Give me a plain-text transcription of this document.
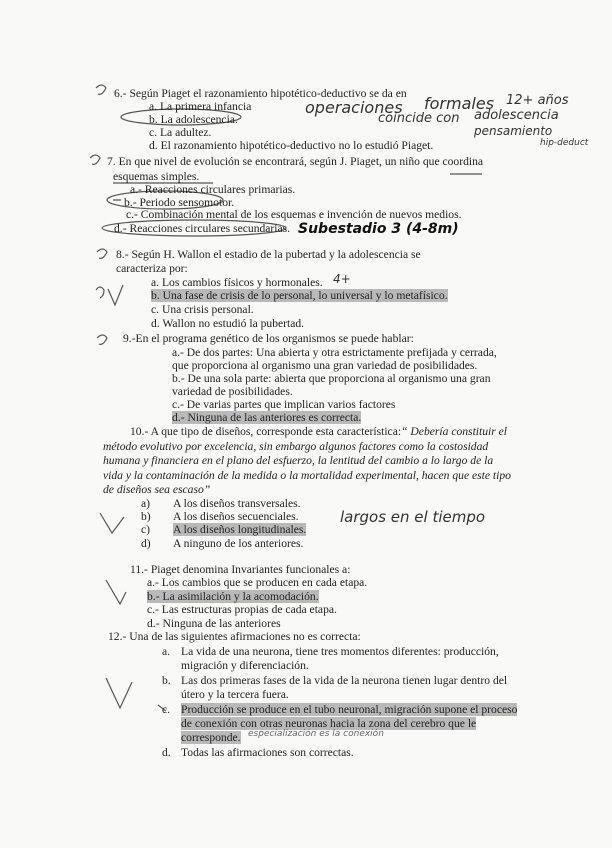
6.- Según Piaget el razonamiento hipotético-deductivo se da en
a. La primera infancia
b. La adolescencia.
c. La adultez.
d. El razonamiento hipotético-deductivo no lo estudió Piaget.
7. En que nivel de evolución se encontrará, según J. Piaget, un niño que coordina
esquemas simples.
a.- Reacciones circulares primarias.
b.- Periodo sensomotor.
c.- Combinación mental de los esquemas e invención de nuevos medios.
d.- Reacciones circulares secundarias.
8.- Según H. Wallon el estadio de la pubertad y la adolescencia se
caracteriza por:
a. Los cambios físicos y hormonales.
b. Una fase de crisis de lo personal, lo universal y lo metafísico.
c. Una crisis personal.
d. Wallon no estudió la pubertad.
9.-En el programa genético de los organismos se puede hablar:
a.- De dos partes: Una abierta y otra estrictamente prefijada y cerrada,
que proporciona al organismo una gran variedad de posibilidades.
b.- De una sola parte: abierta que proporciona al organismo una gran
variedad de posibilidades.
c.- De varias partes que implican varios factores
d.- Ninguna de las anteriores es correcta.
10.- A que tipo de diseños, corresponde esta característica:“ Debería constituir el
método evolutivo por excelencia, sin embargo algunos factores como la costosidad
humana y financiera en el plano del esfuerzo, la lentitud del cambio a lo largo de la
vida y la contaminación de la medida o la mortalidad experimental, hacen que este tipo
de diseños sea escaso”
a) A los diseños transversales.
b) A los diseños secuenciales.
c) A los diseños longitudinales.
d) A ninguno de los anteriores.
11.- Piaget denomina Invariantes funcionales a:
a.- Los cambios que se producen en cada etapa.
b.- La asimilación y la acomodación.
c.- Las estructuras propias de cada etapa.
d.- Ninguna de las anteriores
12.- Una de las siguientes afirmaciones no es correcta:
a. La vida de una neurona, tiene tres momentos diferentes: producción,
migración y diferenciación.
b. Las dos primeras fases de la vida de la neurona tienen lugar dentro del
útero y la tercera fuera.
c. Producción se produce en el tubo neuronal, migración supone el proceso
de conexión con otras neuronas hacia la zona del cerebro que le
corresponde.
d. Todas las afirmaciones son correctas.
operaciones formales 12+ años
coincide con adolescencia
pensamiento
hip-deduct
Subestadio 3 (4-8m)
4+
largos en el tiempo
especialización es la conexión
